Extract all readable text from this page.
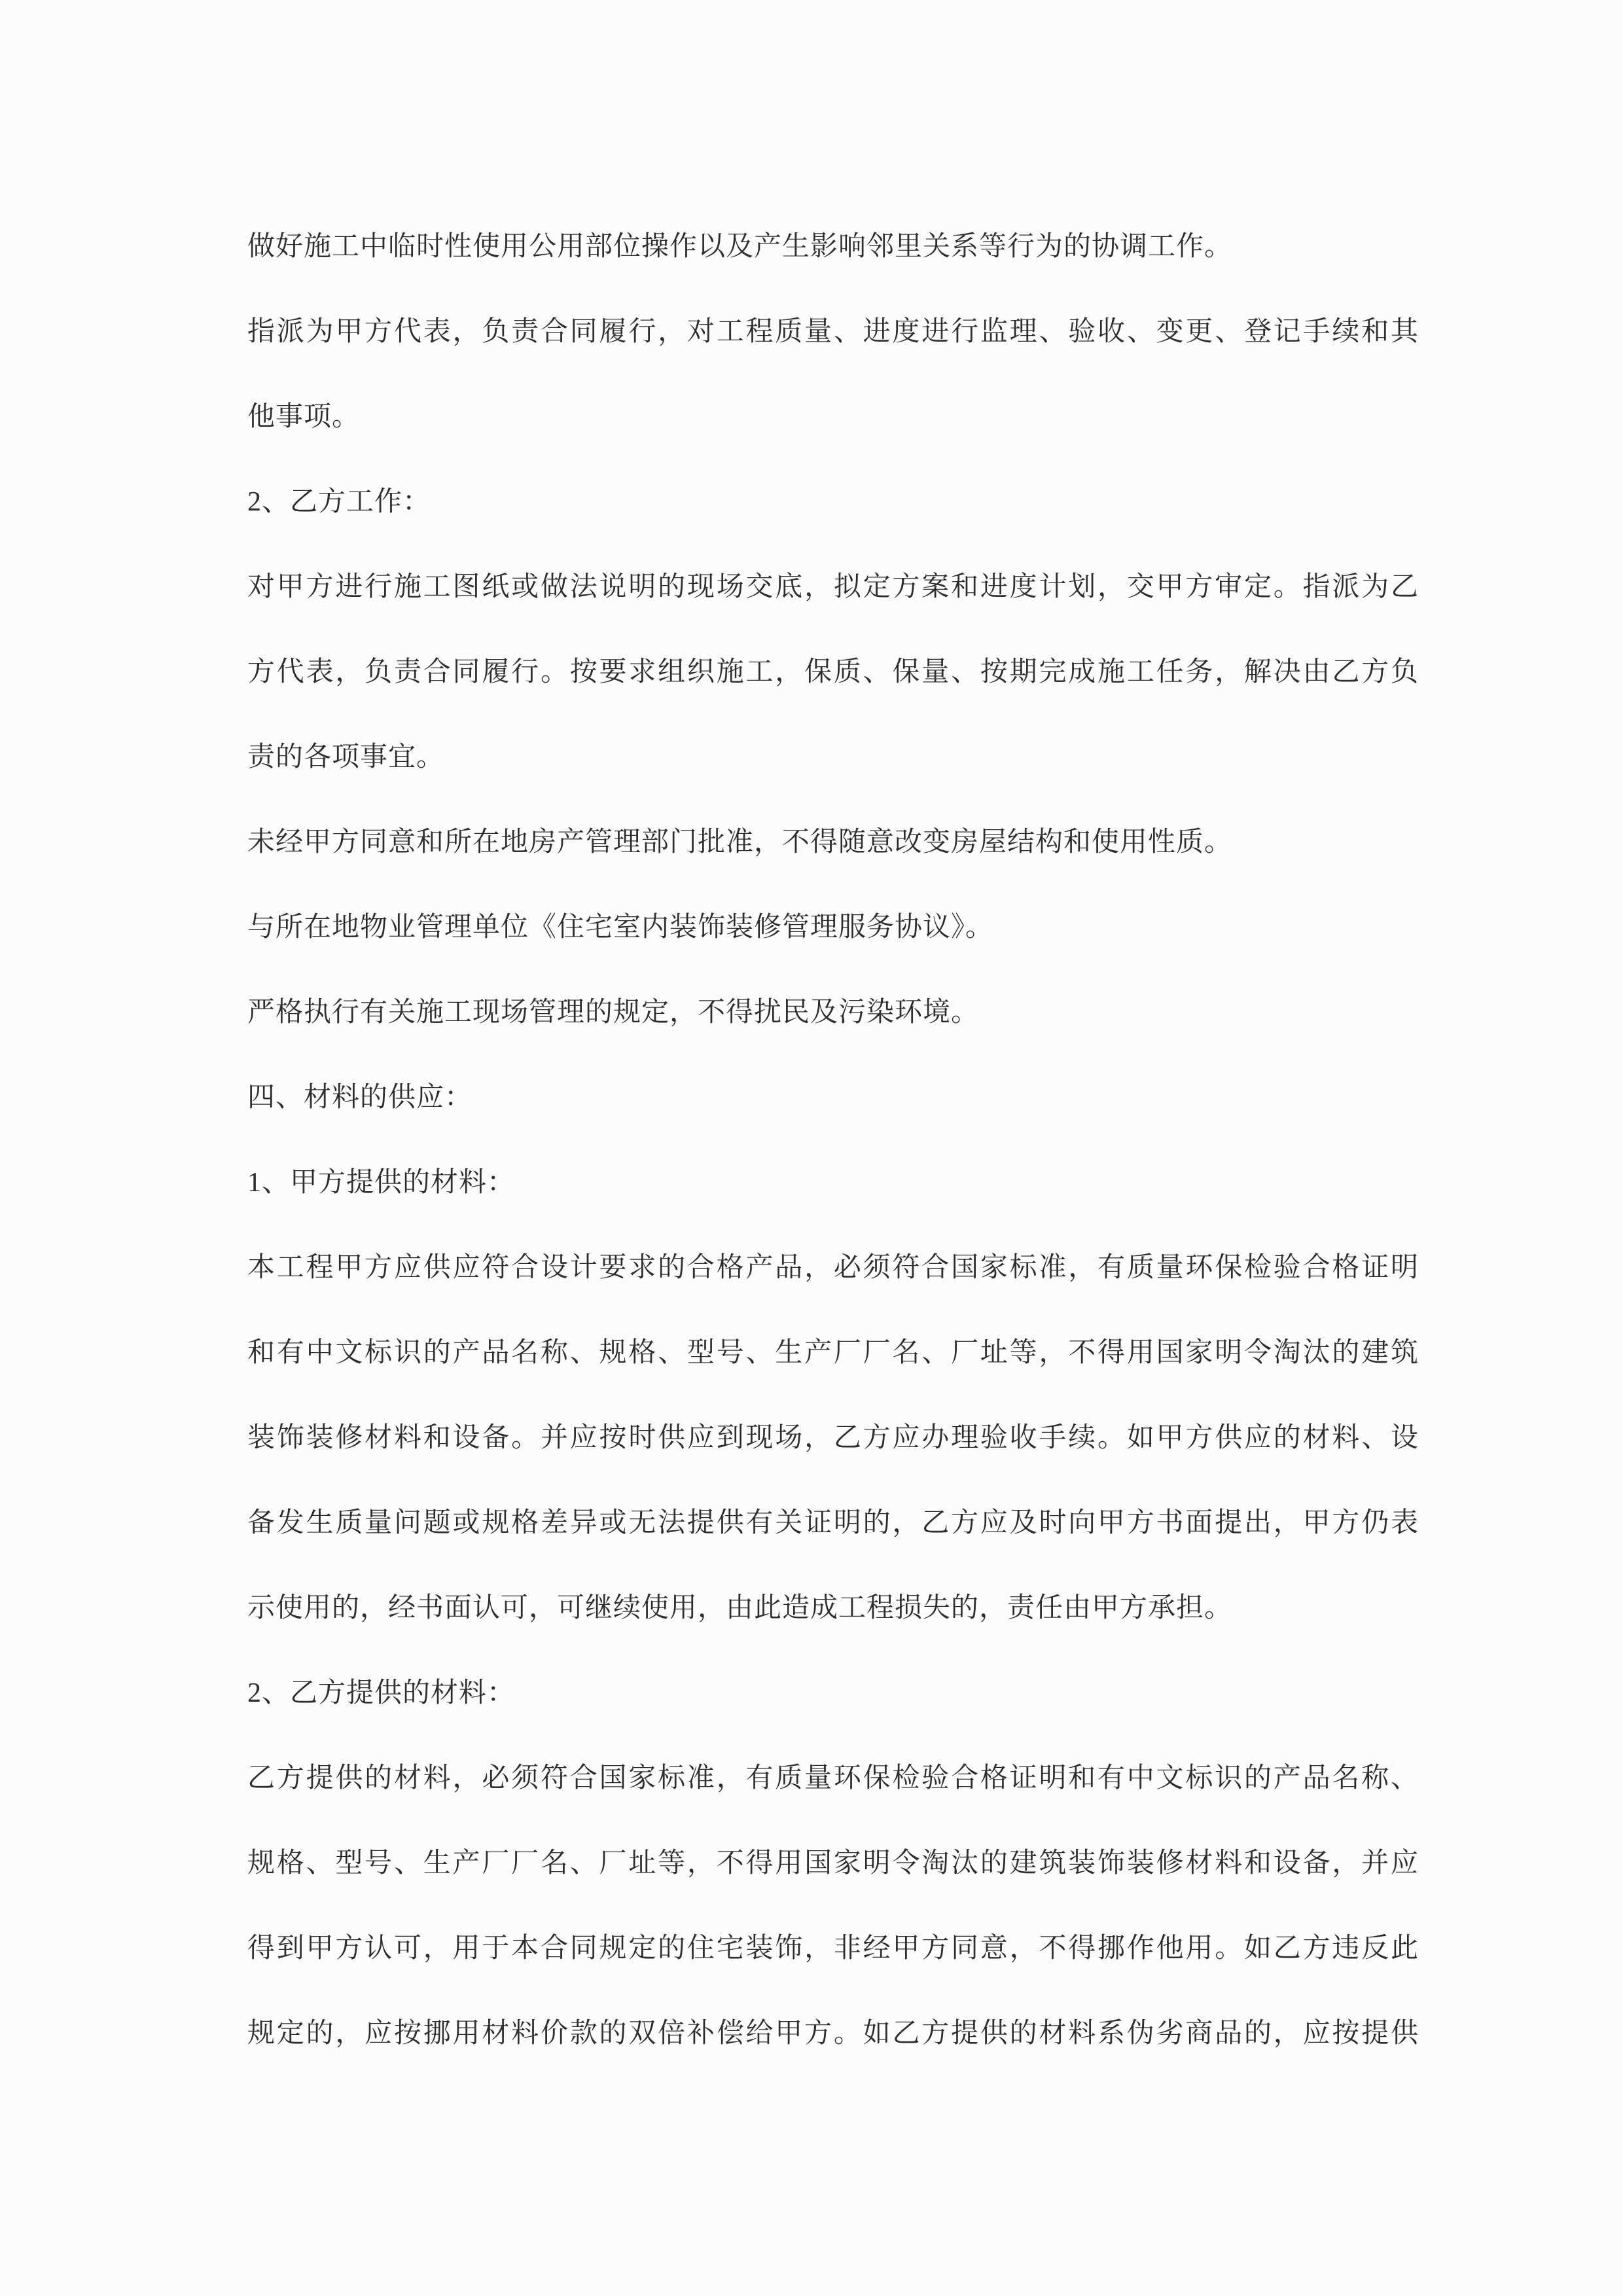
做好施工中临时性使用公用部位操作以及产生影响邻里关系等行为的协调工作。
指派为甲方代表，负责合同履行，对工程质量、进度进行监理、验收、变更、登记手续和其
他事项。
2、乙方工作：
对甲方进行施工图纸或做法说明的现场交底，拟定方案和进度计划，交甲方审定。指派为乙
方代表，负责合同履行。按要求组织施工，保质、保量、按期完成施工任务，解决由乙方负
责的各项事宜。
未经甲方同意和所在地房产管理部门批准，不得随意改变房屋结构和使用性质。
与所在地物业管理单位《住宅室内装饰装修管理服务协议》。
严格执行有关施工现场管理的规定，不得扰民及污染环境。
四、材料的供应：
1、甲方提供的材料：
本工程甲方应供应符合设计要求的合格产品，必须符合国家标准，有质量环保检验合格证明
和有中文标识的产品名称、规格、型号、生产厂厂名、厂址等，不得用国家明令淘汰的建筑
装饰装修材料和设备。并应按时供应到现场，乙方应办理验收手续。如甲方供应的材料、设
备发生质量问题或规格差异或无法提供有关证明的，乙方应及时向甲方书面提出，甲方仍表
示使用的，经书面认可，可继续使用，由此造成工程损失的，责任由甲方承担。
2、乙方提供的材料：
乙方提供的材料，必须符合国家标准，有质量环保检验合格证明和有中文标识的产品名称、
规格、型号、生产厂厂名、厂址等，不得用国家明令淘汰的建筑装饰装修材料和设备，并应
得到甲方认可，用于本合同规定的住宅装饰，非经甲方同意，不得挪作他用。如乙方违反此
规定的，应按挪用材料价款的双倍补偿给甲方。如乙方提供的材料系伪劣商品的，应按提供
